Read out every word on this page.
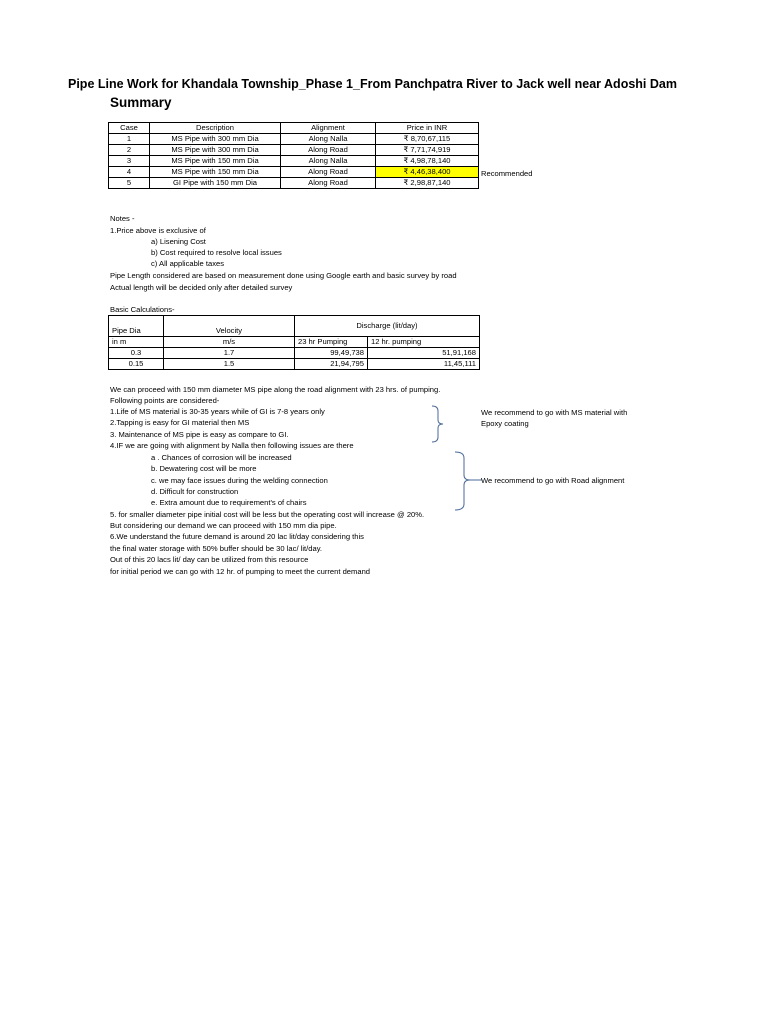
Pipe Line Work for Khandala Township_Phase 1_From Panchpatra River to Jack well near Adoshi Dam
Summary
Case	Description	Alignment	Price in INR
1	MS Pipe with 300 mm Dia	Along Nalla	₹ 8,70,67,115
2	MS Pipe with 300 mm Dia	Along Road	₹ 7,71,74,919
3	MS Pipe with 150 mm Dia	Along Nalla	₹ 4,98,78,140
4	MS Pipe with 150 mm Dia	Along Road	₹ 4,46,38,400
5	GI Pipe with 150 mm Dia	Along Road	₹ 2,98,87,140
Recommended
Notes -
1.Price above is exclusive of
a) Lisening Cost
b) Cost required to resolve local issues
c) All applicable taxes
Pipe Length considered are based on measurement done using Google earth and basic survey by road
Actual length will be decided only after detailed survey
Basic Calculations-
		Discharge (lit/day)	
Pipe Dia	Velocity		
in m	m/s	23 hr Pumping	12 hr. pumping
0.3	1.7	99,49,738	51,91,168
0.15	1.5	21,94,795	11,45,111
We can proceed with 150 mm diameter MS pipe along the road alignment with 23 hrs. of pumping.
Following points are considered-
1.Life of MS material is 30-35 years while of GI is 7-8 years only
2.Tapping is easy for GI material then MS
3. Maintenance of MS pipe is easy as compare to GI.
4.IF we are going with alignment by Nalla then following issues are there
a . Chances of corrosion will be increased
b. Dewatering cost will be more
c. we may face issues during the welding connection
d. Difficult for construction
e. Extra amount due to requirement's of chairs
5. for smaller diameter pipe initial cost will be less but the operating cost will increase @ 20%.
But considering our demand we can proceed with 150 mm dia pipe.
6.We understand the future demand is around 20 lac lit/day considering this
the final water storage with 50% buffer should be 30 lac/ lit/day.
Out of this 20 lacs lit/ day can be utilized from this resource
for initial period we can go with 12 hr. of pumping to meet the current demand
We recommend to go with MS material with
Epoxy coating
We recommend to go with Road alignment
